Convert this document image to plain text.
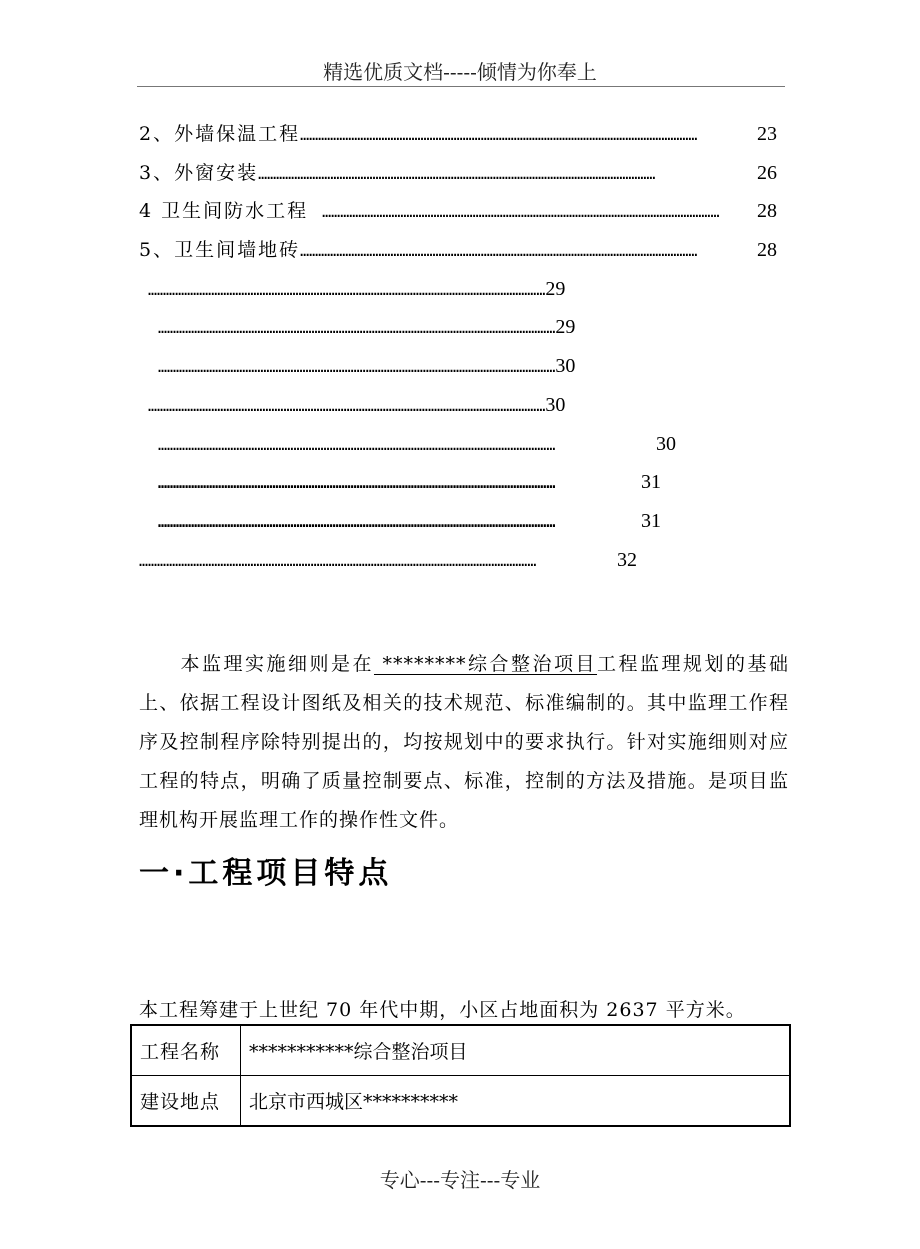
精选优质文档-----倾情为你奉上
2、外墙保温工程 ……………………………………………………………………………………………………………………	23
3、外窗安装 ……………………………………………………………………………………………………………………	26
4 卫生间防水工程 ……………………………………………………………………………………………………………………	28
5、卫生间墙地砖 ……………………………………………………………………………………………………………………	28
…………………………………………………………………………………………………………………… 29
…………………………………………………………………………………………………………………… 29
…………………………………………………………………………………………………………………… 30
…………………………………………………………………………………………………………………… 30
……………………………………………………………………………………………………………………	30
……………………………………………………………………………………………………………………	31
……………………………………………………………………………………………………………………	31
……………………………………………………………………………………………………………………	32
本监理实施细则是在 ********综合整治项目工程监理规划的基础上、依据工程设计图纸及相关的技术规范、标准编制的。其中监理工作程序及控制程序除特别提出的，均按规划中的要求执行。针对实施细则对应工程的特点，明确了质量控制要点、标准，控制的方法及措施。是项目监理机构开展监理工作的操作性文件。
一·工程项目特点
本工程筹建于上世纪 70 年代中期，小区占地面积为 2637 平方米。
工程名称	***********综合整治项目
建设地点	北京市西城区**********
专心---专注---专业
